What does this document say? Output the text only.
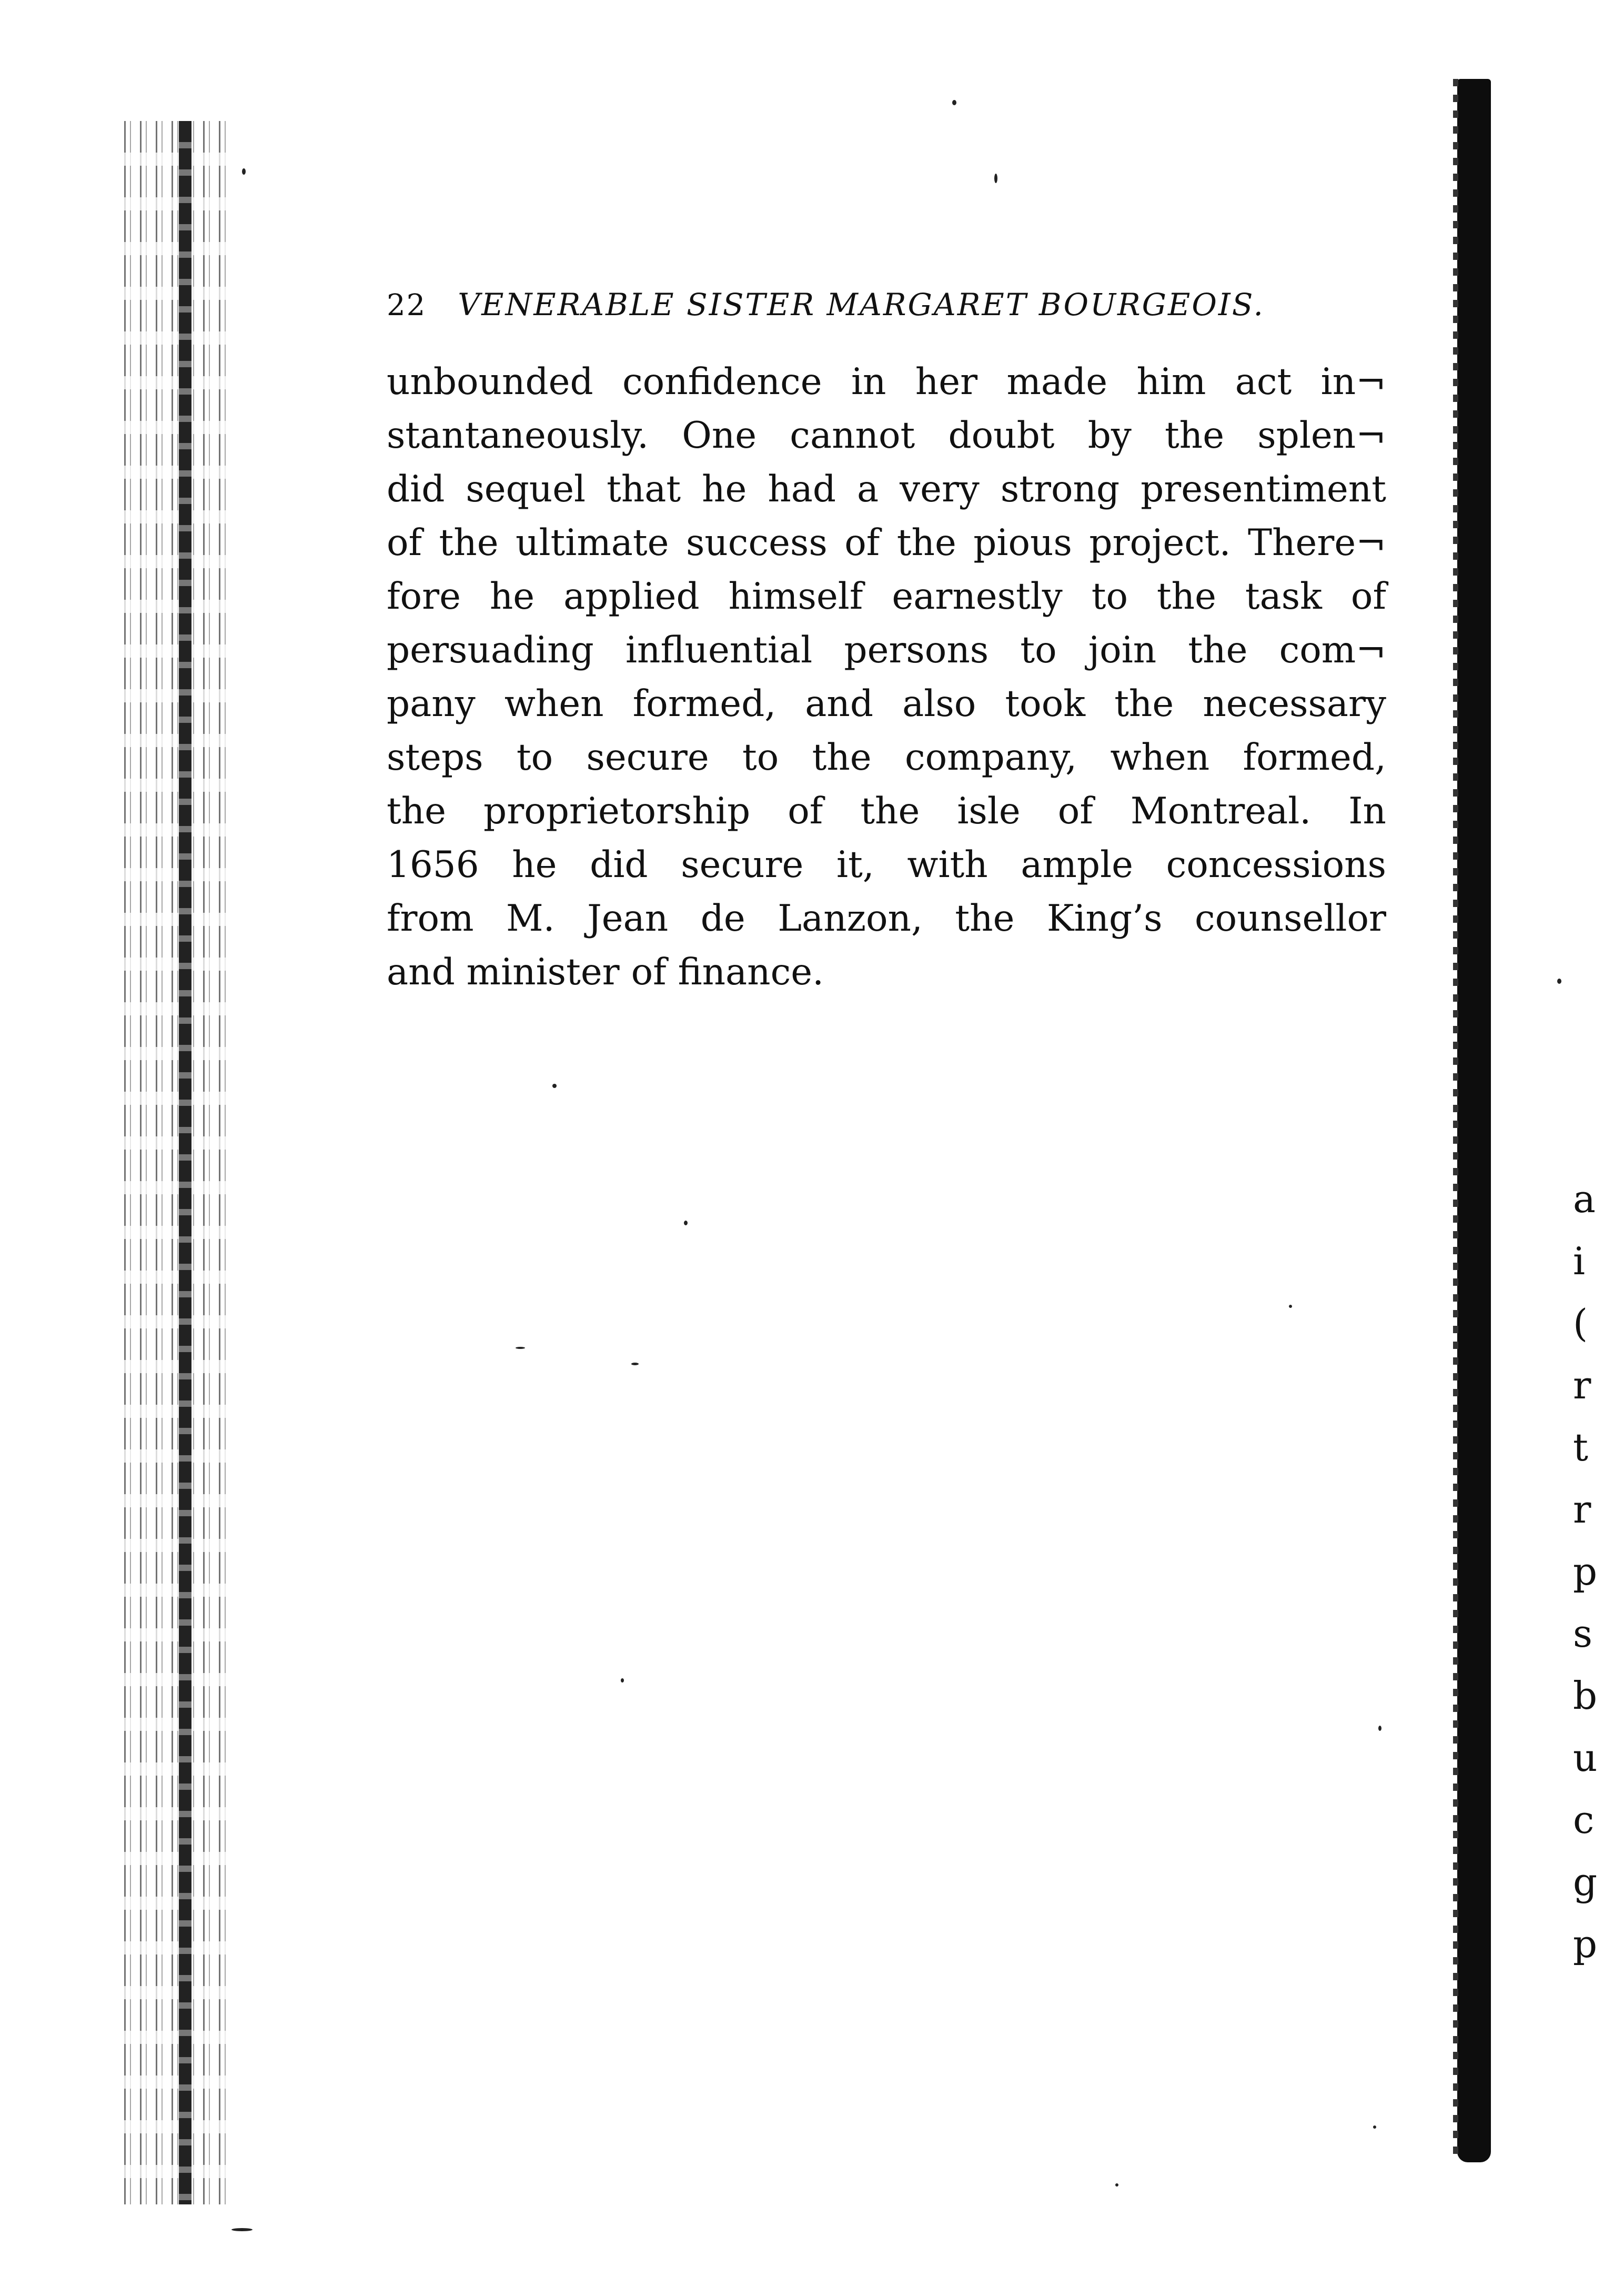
a
i
(
r
t
r
p
s
b
u
c
g
p
22 VENERABLE SISTER MARGARET BOURGEOIS.
unbounded confidence in her made him act in¬
stantaneously. One cannot doubt by the splen¬
did sequel that he had a very strong presentiment
of the ultimate success of the pious project. There¬
fore he applied himself earnestly to the task of
persuading influential persons to join the com¬
pany when formed, and also took the necessary
steps to secure to the company, when formed,
the proprietorship of the isle of Montreal. In
1656 he did secure it, with ample concessions
from M. Jean de Lanzon, the King’s counsellor
and minister of finance.
